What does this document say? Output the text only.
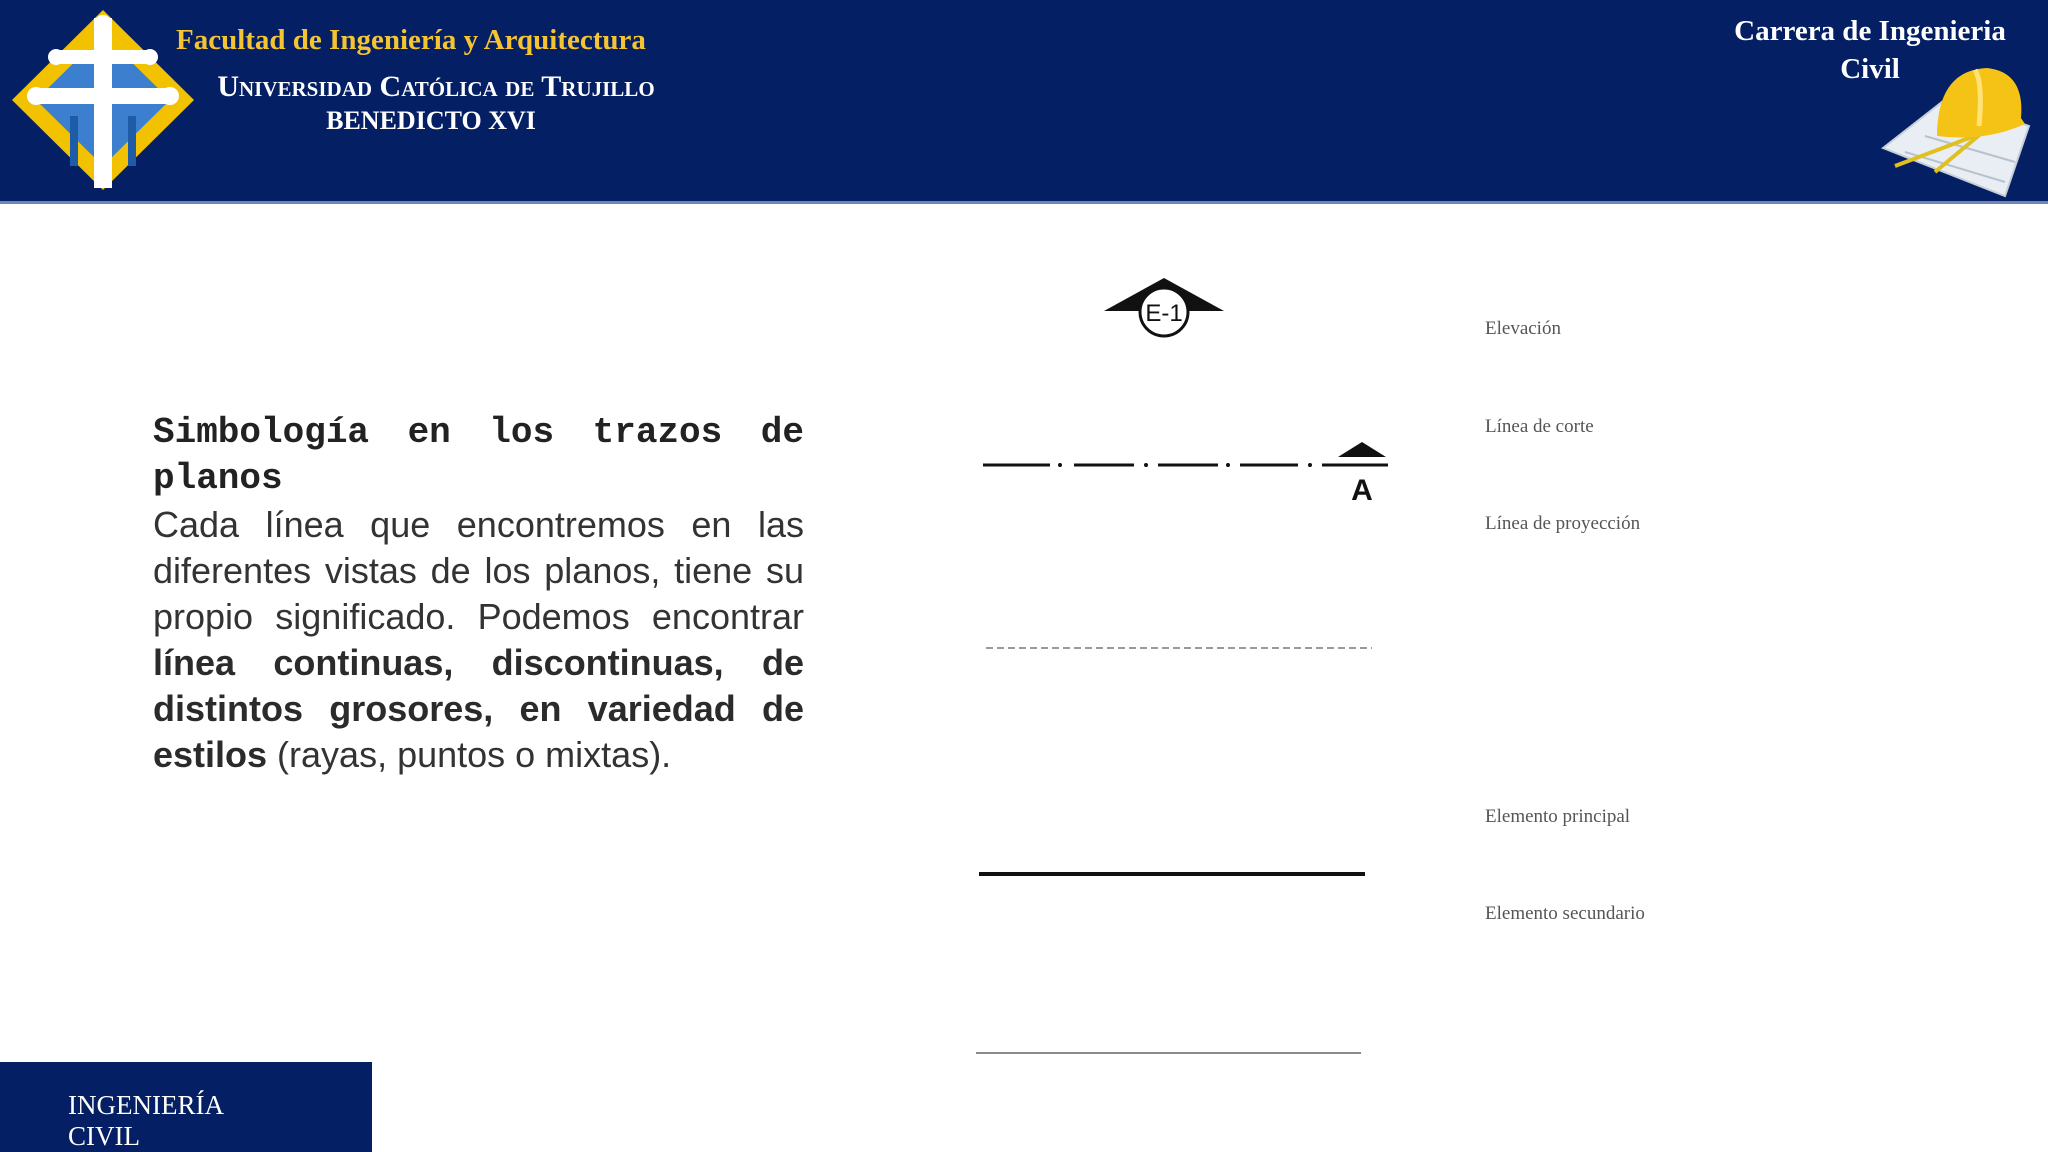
Facultad de Ingeniería y Arquitectura
Universidad Católica de Trujillo
BENEDICTO XVI
Carrera de Ingenieria
Civil
Simbología en los trazos de planos
Cada línea que encontremos en las diferentes vistas de los planos, tiene su propio significado. Podemos encontrar línea continuas, discontinuas, de distintos grosores, en variedad de estilos (rayas, puntos o mixtas).
E-1
A
Elevación
Línea de corte
Línea de proyección
Elemento principal
Elemento secundario
INGENIERÍA
CIVIL
